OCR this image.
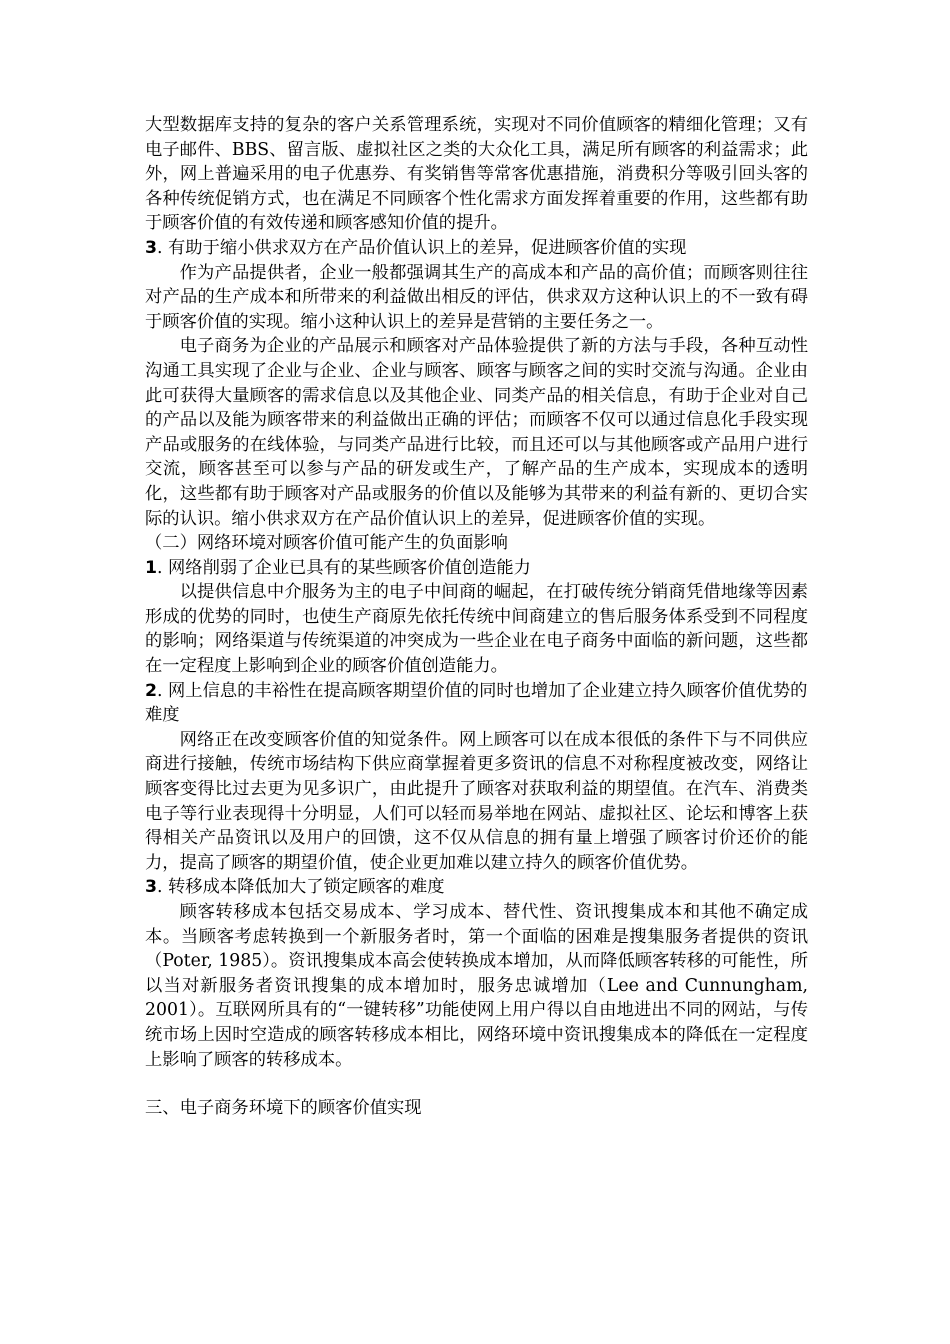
大型数据库支持的复杂的客户关系管理系统，实现对不同价值顾客的精细化管理；又有电子邮件、BBS、留言版、虚拟社区之类的大众化工具，满足所有顾客的利益需求；此外，网上普遍采用的电子优惠券、有奖销售等常客优惠措施，消费积分等吸引回头客的各种传统促销方式，也在满足不同顾客个性化需求方面发挥着重要的作用，这些都有助于顾客价值的有效传递和顾客感知价值的提升。

3. 有助于缩小供求双方在产品价值认识上的差异，促进顾客价值的实现

作为产品提供者，企业一般都强调其生产的高成本和产品的高价值；而顾客则往往对产品的生产成本和所带来的利益做出相反的评估，供求双方这种认识上的不一致有碍于顾客价值的实现。缩小这种认识上的差异是营销的主要任务之一。

电子商务为企业的产品展示和顾客对产品体验提供了新的方法与手段，各种互动性沟通工具实现了企业与企业、企业与顾客、顾客与顾客之间的实时交流与沟通。企业由此可获得大量顾客的需求信息以及其他企业、同类产品的相关信息，有助于企业对自己的产品以及能为顾客带来的利益做出正确的评估；而顾客不仅可以通过信息化手段实现产品或服务的在线体验，与同类产品进行比较，而且还可以与其他顾客或产品用户进行交流，顾客甚至可以参与产品的研发或生产，了解产品的生产成本，实现成本的透明化，这些都有助于顾客对产品或服务的价值以及能够为其带来的利益有新的、更切合实际的认识。缩小供求双方在产品价值认识上的差异，促进顾客价值的实现。

（二）网络环境对顾客价值可能产生的负面影响

1. 网络削弱了企业已具有的某些顾客价值创造能力

以提供信息中介服务为主的电子中间商的崛起，在打破传统分销商凭借地缘等因素形成的优势的同时，也使生产商原先依托传统中间商建立的售后服务体系受到不同程度的影响；网络渠道与传统渠道的冲突成为一些企业在电子商务中面临的新问题，这些都在一定程度上影响到企业的顾客价值创造能力。

2. 网上信息的丰裕性在提高顾客期望价值的同时也增加了企业建立持久顾客价值优势的难度

网络正在改变顾客价值的知觉条件。网上顾客可以在成本很低的条件下与不同供应商进行接触，传统市场结构下供应商掌握着更多资讯的信息不对称程度被改变，网络让顾客变得比过去更为见多识广，由此提升了顾客对获取利益的期望值。在汽车、消费类电子等行业表现得十分明显，人们可以轻而易举地在网站、虚拟社区、论坛和博客上获得相关产品资讯以及用户的回馈，这不仅从信息的拥有量上增强了顾客讨价还价的能力，提高了顾客的期望价值，使企业更加难以建立持久的顾客价值优势。

3. 转移成本降低加大了锁定顾客的难度

顾客转移成本包括交易成本、学习成本、替代性、资讯搜集成本和其他不确定成本。当顾客考虑转换到一个新服务者时，第一个面临的困难是搜集服务者提供的资讯（Poter, 1985）。资讯搜集成本高会使转换成本增加，从而降低顾客转移的可能性，所以当对新服务者资讯搜集的成本增加时，服务忠诚增加（Lee and Cunnungham, 2001）。互联网所具有的“一键转移”功能使网上用户得以自由地进出不同的网站，与传统市场上因时空造成的顾客转移成本相比，网络环境中资讯搜集成本的降低在一定程度上影响了顾客的转移成本。

三、电子商务环境下的顾客价值实现
